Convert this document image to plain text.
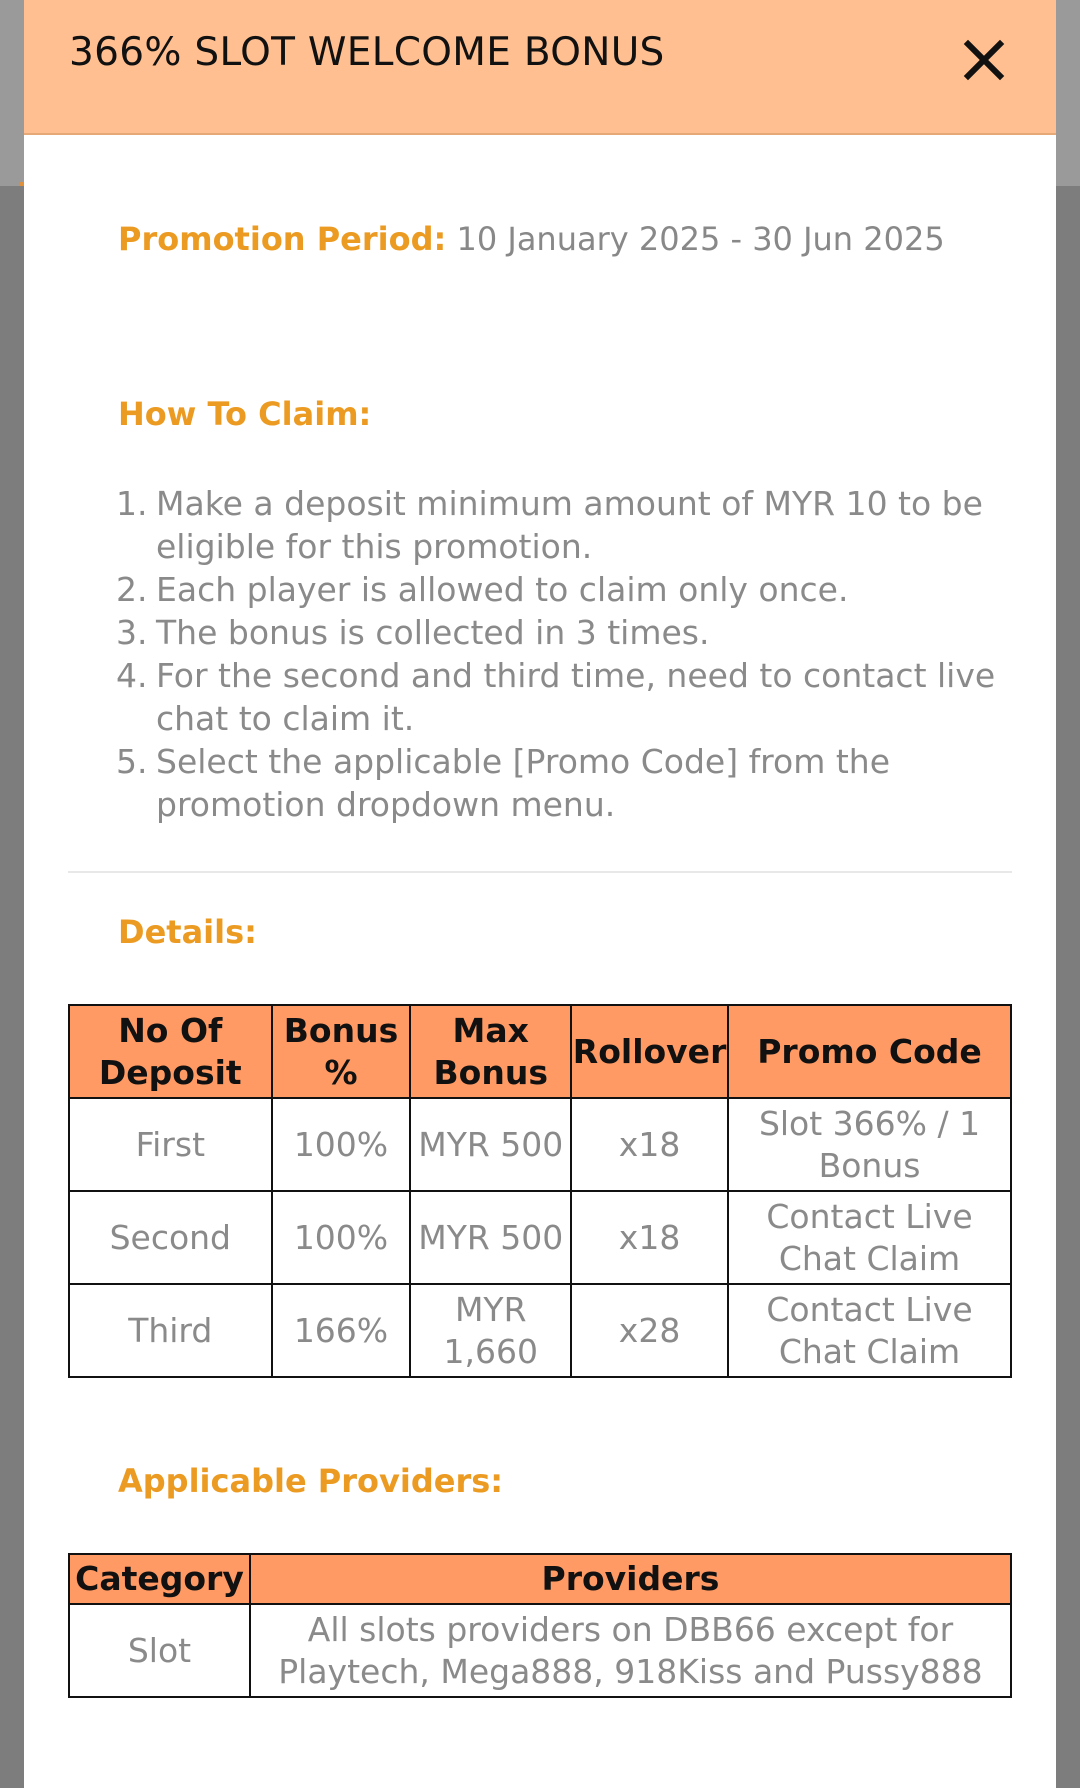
366% SLOT WELCOME BONUS
Promotion Period: 10 January 2025 - 30 Jun 2025
How To Claim:
1. Make a deposit minimum amount of MYR 10 to be eligible for this promotion.
2. Each player is allowed to claim only once.
3. The bonus is collected in 3 times.
4. For the second and third time, need to contact live chat to claim it.
5. Select the applicable [Promo Code] from the promotion dropdown menu.
Details:
No Of Deposit	Bonus %	Max Bonus	Rollover	Promo Code
First	100%	MYR 500	x18	Slot 366% / 1 Bonus
Second	100%	MYR 500	x18	Contact Live Chat Claim
Third	166%	MYR 1,660	x28	Contact Live Chat Claim
Applicable Providers:
Category	Providers
Slot	All slots providers on DBB66 except for Playtech, Mega888, 918Kiss and Pussy888
